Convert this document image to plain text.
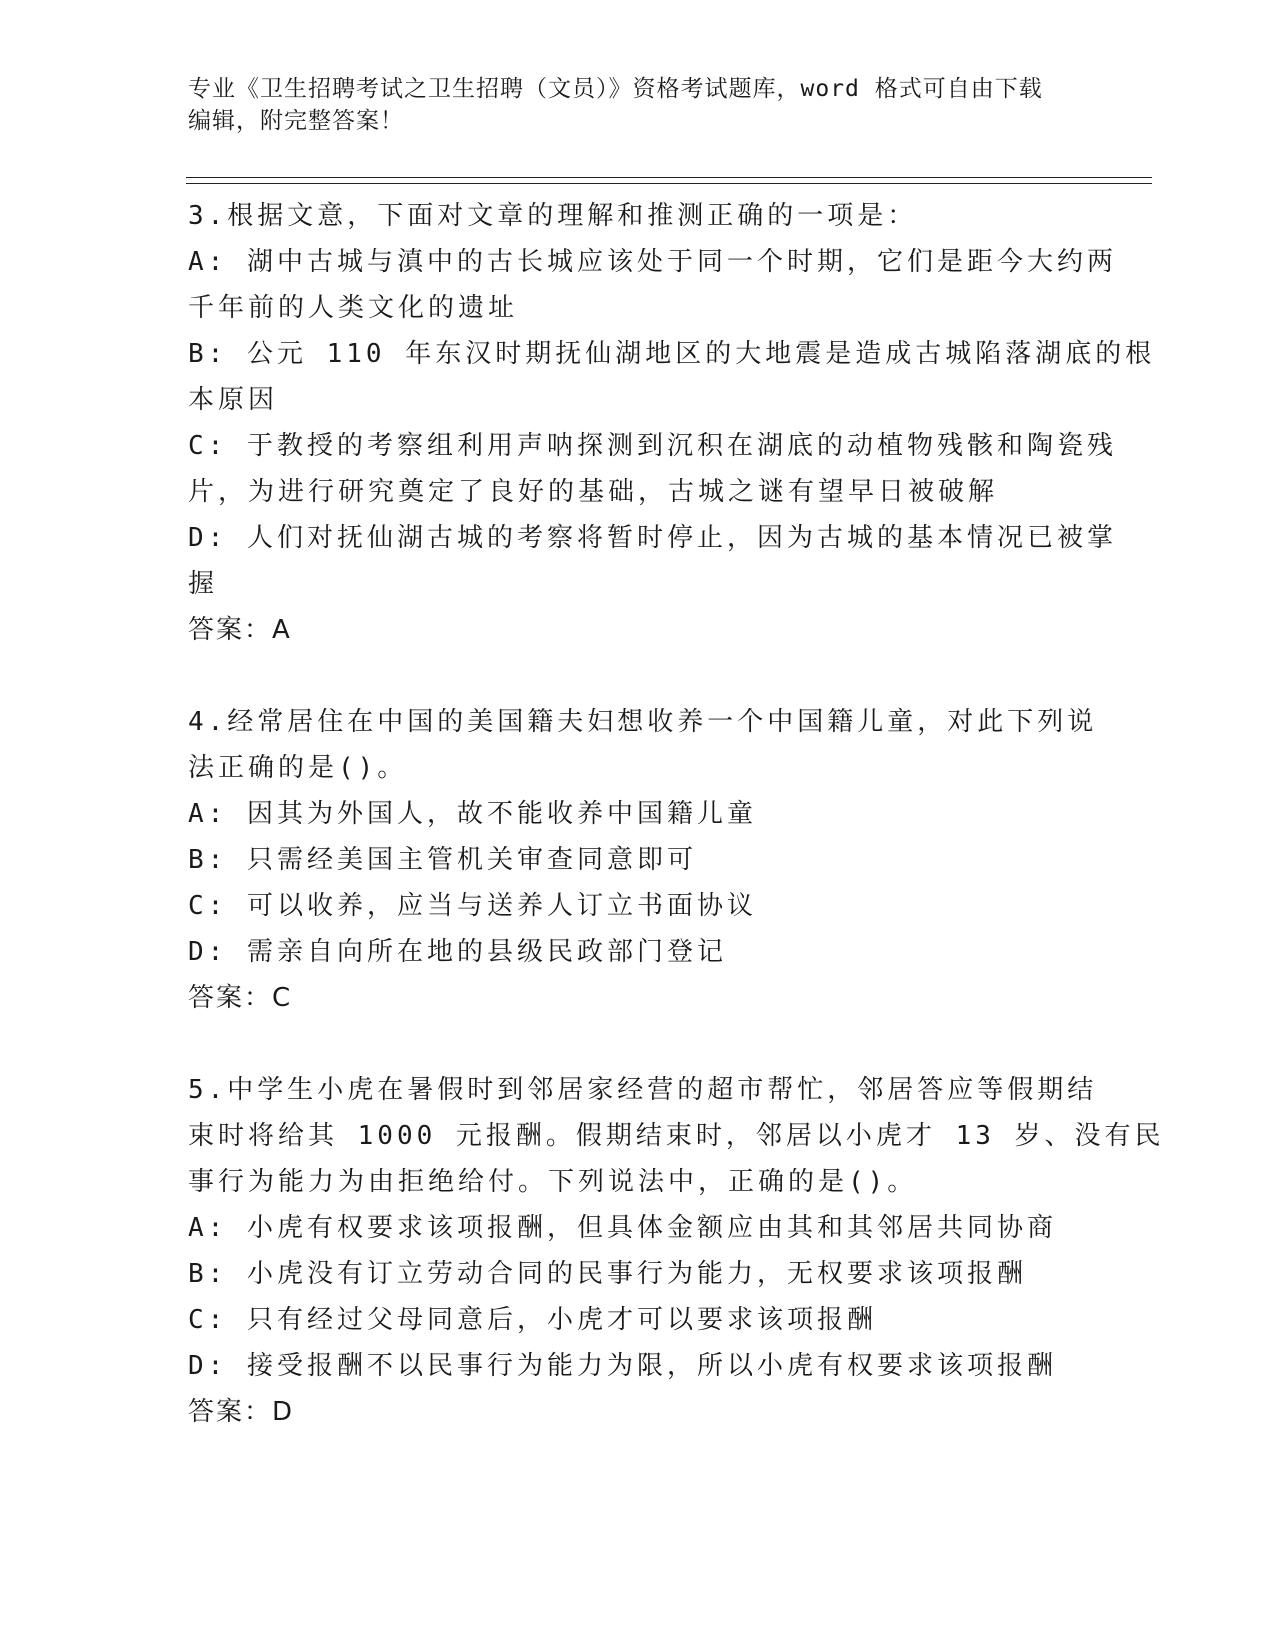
专业《卫生招聘考试之卫生招聘（文员）》资格考试题库，word 格式可自由下载
编辑，附完整答案！
3.根据文意，下面对文章的理解和推测正确的一项是：
A: 湖中古城与滇中的古长城应该处于同一个时期，它们是距今大约两
千年前的人类文化的遗址
B: 公元 110 年东汉时期抚仙湖地区的大地震是造成古城陷落湖底的根
本原因
C: 于教授的考察组利用声呐探测到沉积在湖底的动植物残骸和陶瓷残
片，为进行研究奠定了良好的基础，古城之谜有望早日被破解
D: 人们对抚仙湖古城的考察将暂时停止，因为古城的基本情况已被掌
握
答案：A
4.经常居住在中国的美国籍夫妇想收养一个中国籍儿童，对此下列说
法正确的是()。
A: 因其为外国人，故不能收养中国籍儿童
B: 只需经美国主管机关审查同意即可
C: 可以收养，应当与送养人订立书面协议
D: 需亲自向所在地的县级民政部门登记
答案：C
5.中学生小虎在暑假时到邻居家经营的超市帮忙，邻居答应等假期结
束时将给其 1000 元报酬。假期结束时，邻居以小虎才 13 岁、没有民
事行为能力为由拒绝给付。下列说法中，正确的是()。
A: 小虎有权要求该项报酬，但具体金额应由其和其邻居共同协商
B: 小虎没有订立劳动合同的民事行为能力，无权要求该项报酬
C: 只有经过父母同意后，小虎才可以要求该项报酬
D: 接受报酬不以民事行为能力为限，所以小虎有权要求该项报酬
答案：D
